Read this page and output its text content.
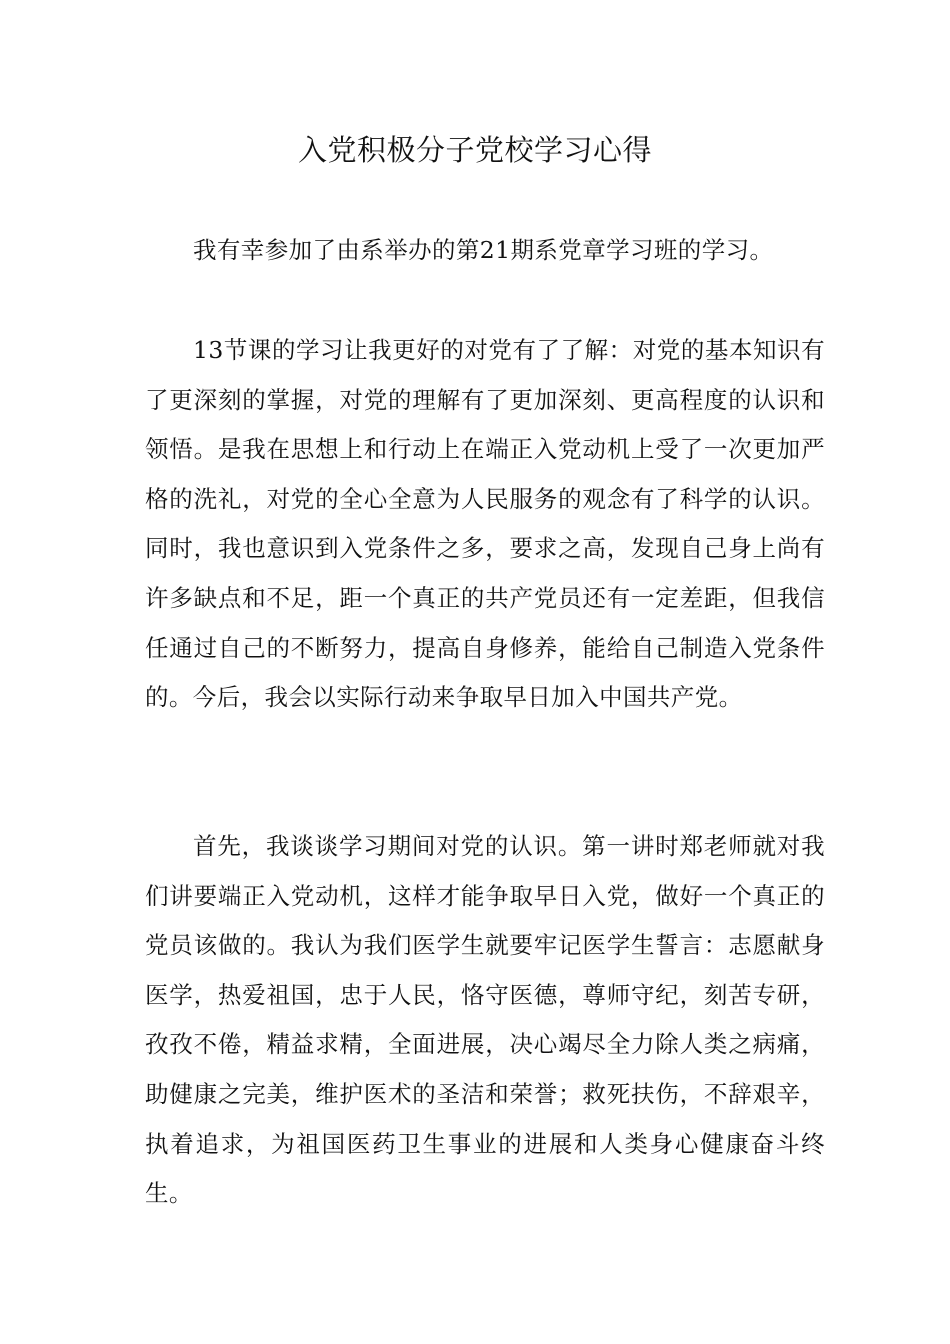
入党积极分子党校学习心得

我有幸参加了由系举办的第21期系党章学习班的学习。

13节课的学习让我更好的对党有了了解：对党的基本知识有了更深刻的掌握，对党的理解有了更加深刻、更高程度的认识和领悟。是我在思想上和行动上在端正入党动机上受了一次更加严格的洗礼，对党的全心全意为人民服务的观念有了科学的认识。同时，我也意识到入党条件之多，要求之高，发现自己身上尚有许多缺点和不足，距一个真正的共产党员还有一定差距，但我信任通过自己的不断努力，提高自身修养，能给自己制造入党条件的。今后，我会以实际行动来争取早日加入中国共产党。

首先，我谈谈学习期间对党的认识。第一讲时郑老师就对我们讲要端正入党动机，这样才能争取早日入党，做好一个真正的党员该做的。我认为我们医学生就要牢记医学生誓言：志愿献身医学，热爱祖国，忠于人民，恪守医德，尊师守纪，刻苦专研，孜孜不倦，精益求精，全面进展，决心竭尽全力除人类之病痛，助健康之完美，维护医术的圣洁和荣誉；救死扶伤，不辞艰辛，执着追求，为祖国医药卫生事业的进展和人类身心健康奋斗终生。
